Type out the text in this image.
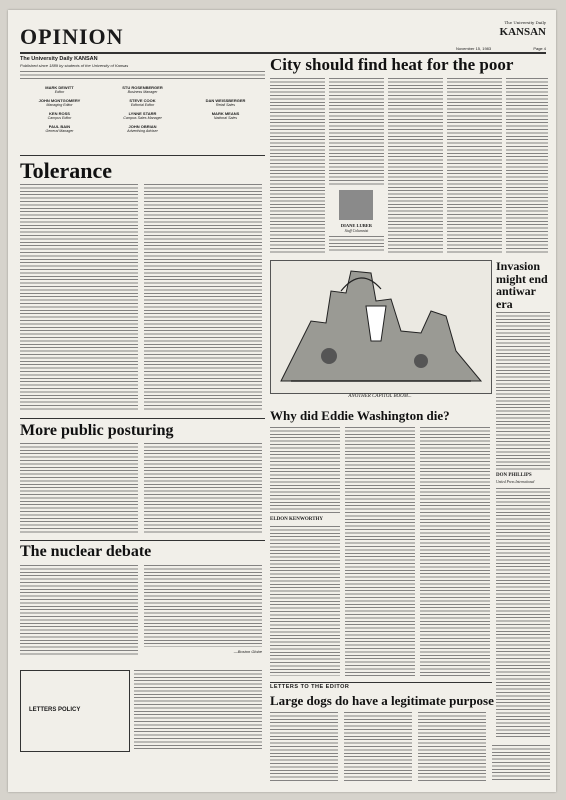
OPINION
The University Daily
KANSAN
November 15, 1983	Page 4
The University Daily KANSAN
Published since 1889 by students of the University of Kansas
MARK DEWITT
Editor
STU ROSENBERGER
Business Manager
JOHN MONTGOMERY
Managing Editor
STEVE COOK
Editorial Editor
DAN WEISSBERGER
Retail Sales
KEN ROSS
Campus Editor
LYNNE STARR
Campus Sales Manager
MARK MEANS
National Sales
PAUL BAIN
General Manager
JOHN OBRIAN
Advertising Adviser
City should find heat for the poor
DIANE LUBER
Staff Columnist
Tolerance
ANOTHER CAPITOL BOOM...
Invasion might end antiwar era
DON PHILLIPS
United Press International
Why did Eddie Washington die?
ELDON KENWORTHY
More public posturing
The nuclear debate
—Boston Globe
LETTERS POLICY
LETTERS TO THE EDITOR
Large dogs do have a legitimate purpose
